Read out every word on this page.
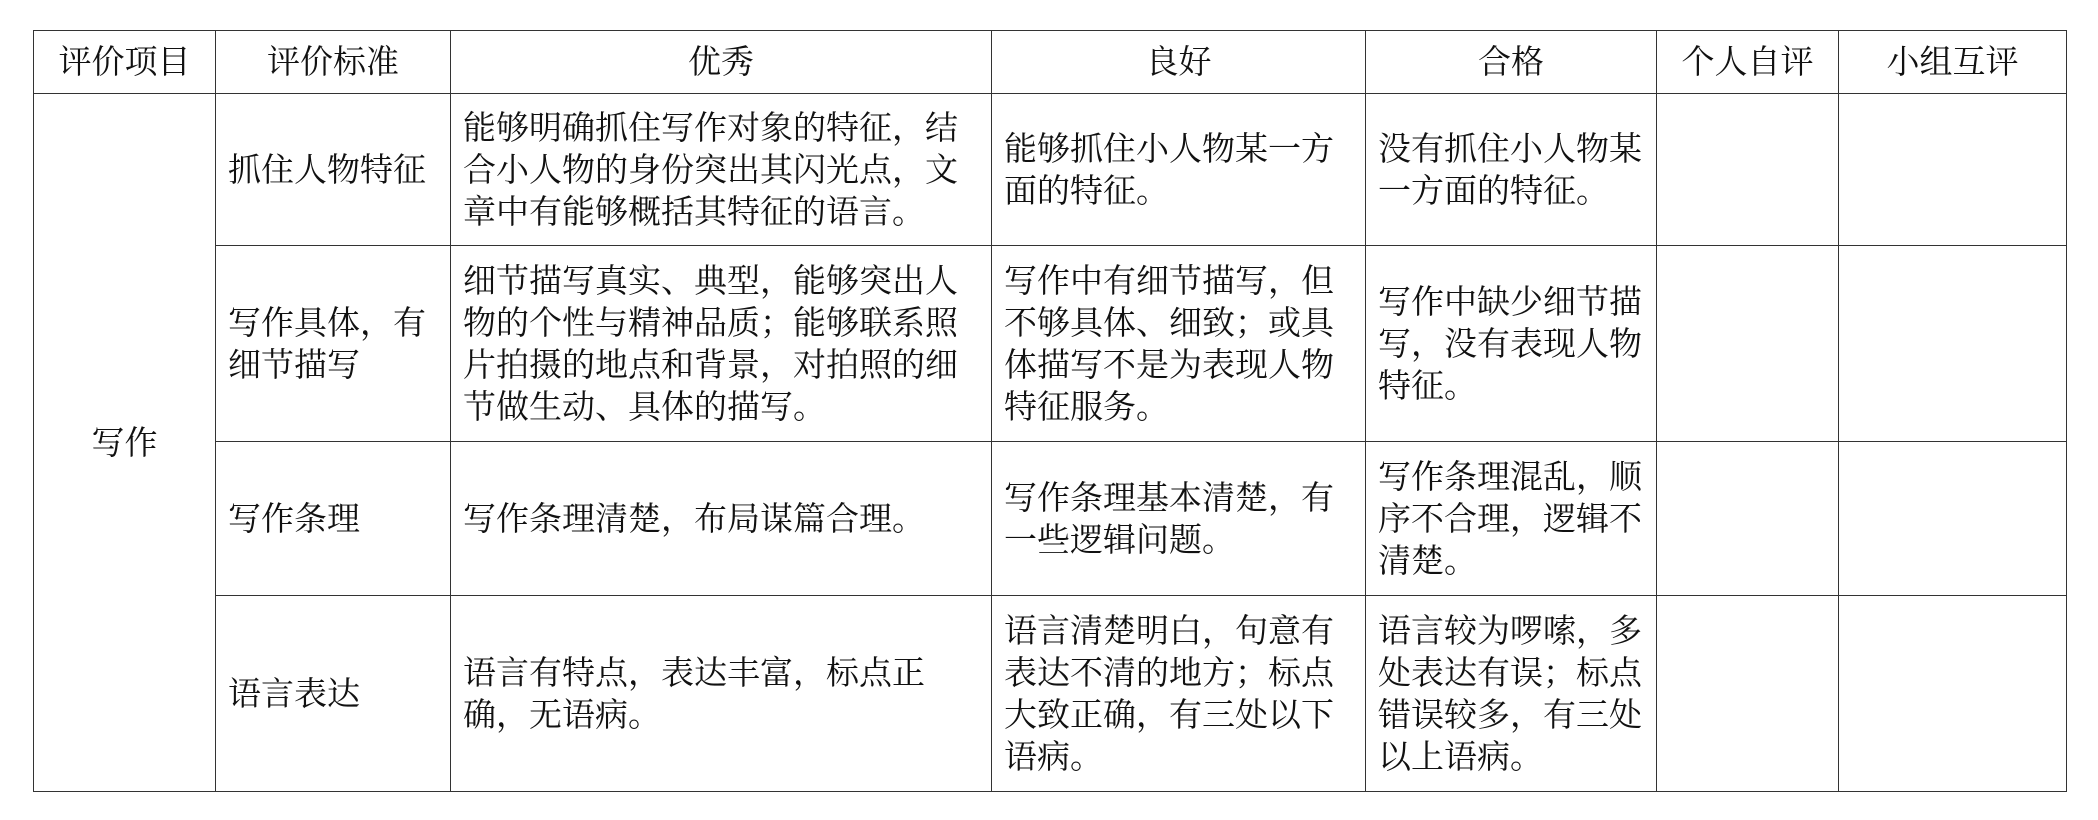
评价项目	评价标准	优秀	良好	合格	个人自评	小组互评
写作	抓住人物特征	能够明确抓住写作对象的特征，结合小人物的身份突出其闪光点，文章中有能够概括其特征的语言。	能够抓住小人物某一方面的特征。	没有抓住小人物某一方面的特征。		
	写作具体，有细节描写	细节描写真实、典型，能够突出人物的个性与精神品质；能够联系照片拍摄的地点和背景，对拍照的细节做生动、具体的描写。	写作中有细节描写，但不够具体、细致；或具体描写不是为表现人物特征服务。	写作中缺少细节描写，没有表现人物特征。		
	写作条理	写作条理清楚，布局谋篇合理。	写作条理基本清楚，有一些逻辑问题。	写作条理混乱，顺序不合理，逻辑不清楚。		
	语言表达	语言有特点，表达丰富，标点正确，无语病。	语言清楚明白，句意有表达不清的地方；标点大致正确，有三处以下语病。	语言较为啰嗦，多处表达有误；标点错误较多，有三处以上语病。		
